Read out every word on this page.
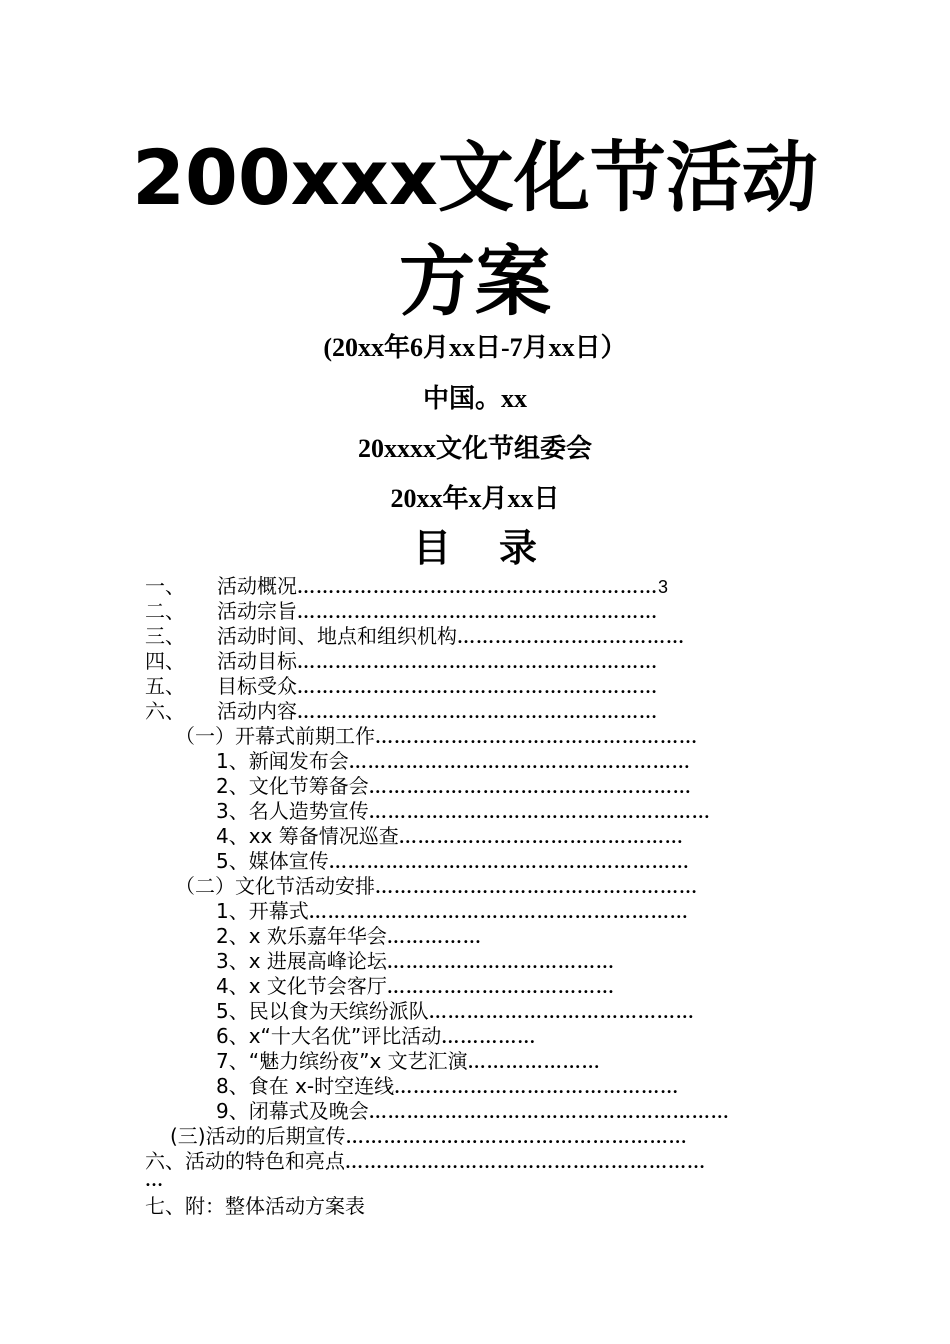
200xxx文化节活动
方案
(20xx年6月xx日-7月xx日）
中国。xx
20xxxx文化节组委会
20xx年x月xx日
目录
一、 活动概况…………………………………………………3
二、 活动宗旨…………………………………………………
三、 活动时间、地点和组织机构………………………………
四、 活动目标…………………………………………………
五、 目标受众…………………………………………………
六、 活动内容…………………………………………………
（一）开幕式前期工作……………………………………………
1、新闻发布会………………………………………………
2、文化节筹备会……………………………………………
3、名人造势宣传………………………………………………
4、xx 筹备情况巡查………………………………………
5、媒体宣传…………………………………………………
（二）文化节活动安排……………………………………………
1、开幕式……………………………………………………
2、x 欢乐嘉年华会……………
3、x 进展高峰论坛………………………………
4、x 文化节会客厅………………………………
5、民以食为天缤纷派队……………………………………
6、x“十大名优”评比活动……………
7、“魅力缤纷夜”x 文艺汇演…………………
8、食在 x-时空连线………………………………………
9、闭幕式及晚会…………………………………………………
(三)活动的后期宣传………………………………………………
六、活动的特色和亮点…………………………………………………
七、附：整体活动方案表
…
